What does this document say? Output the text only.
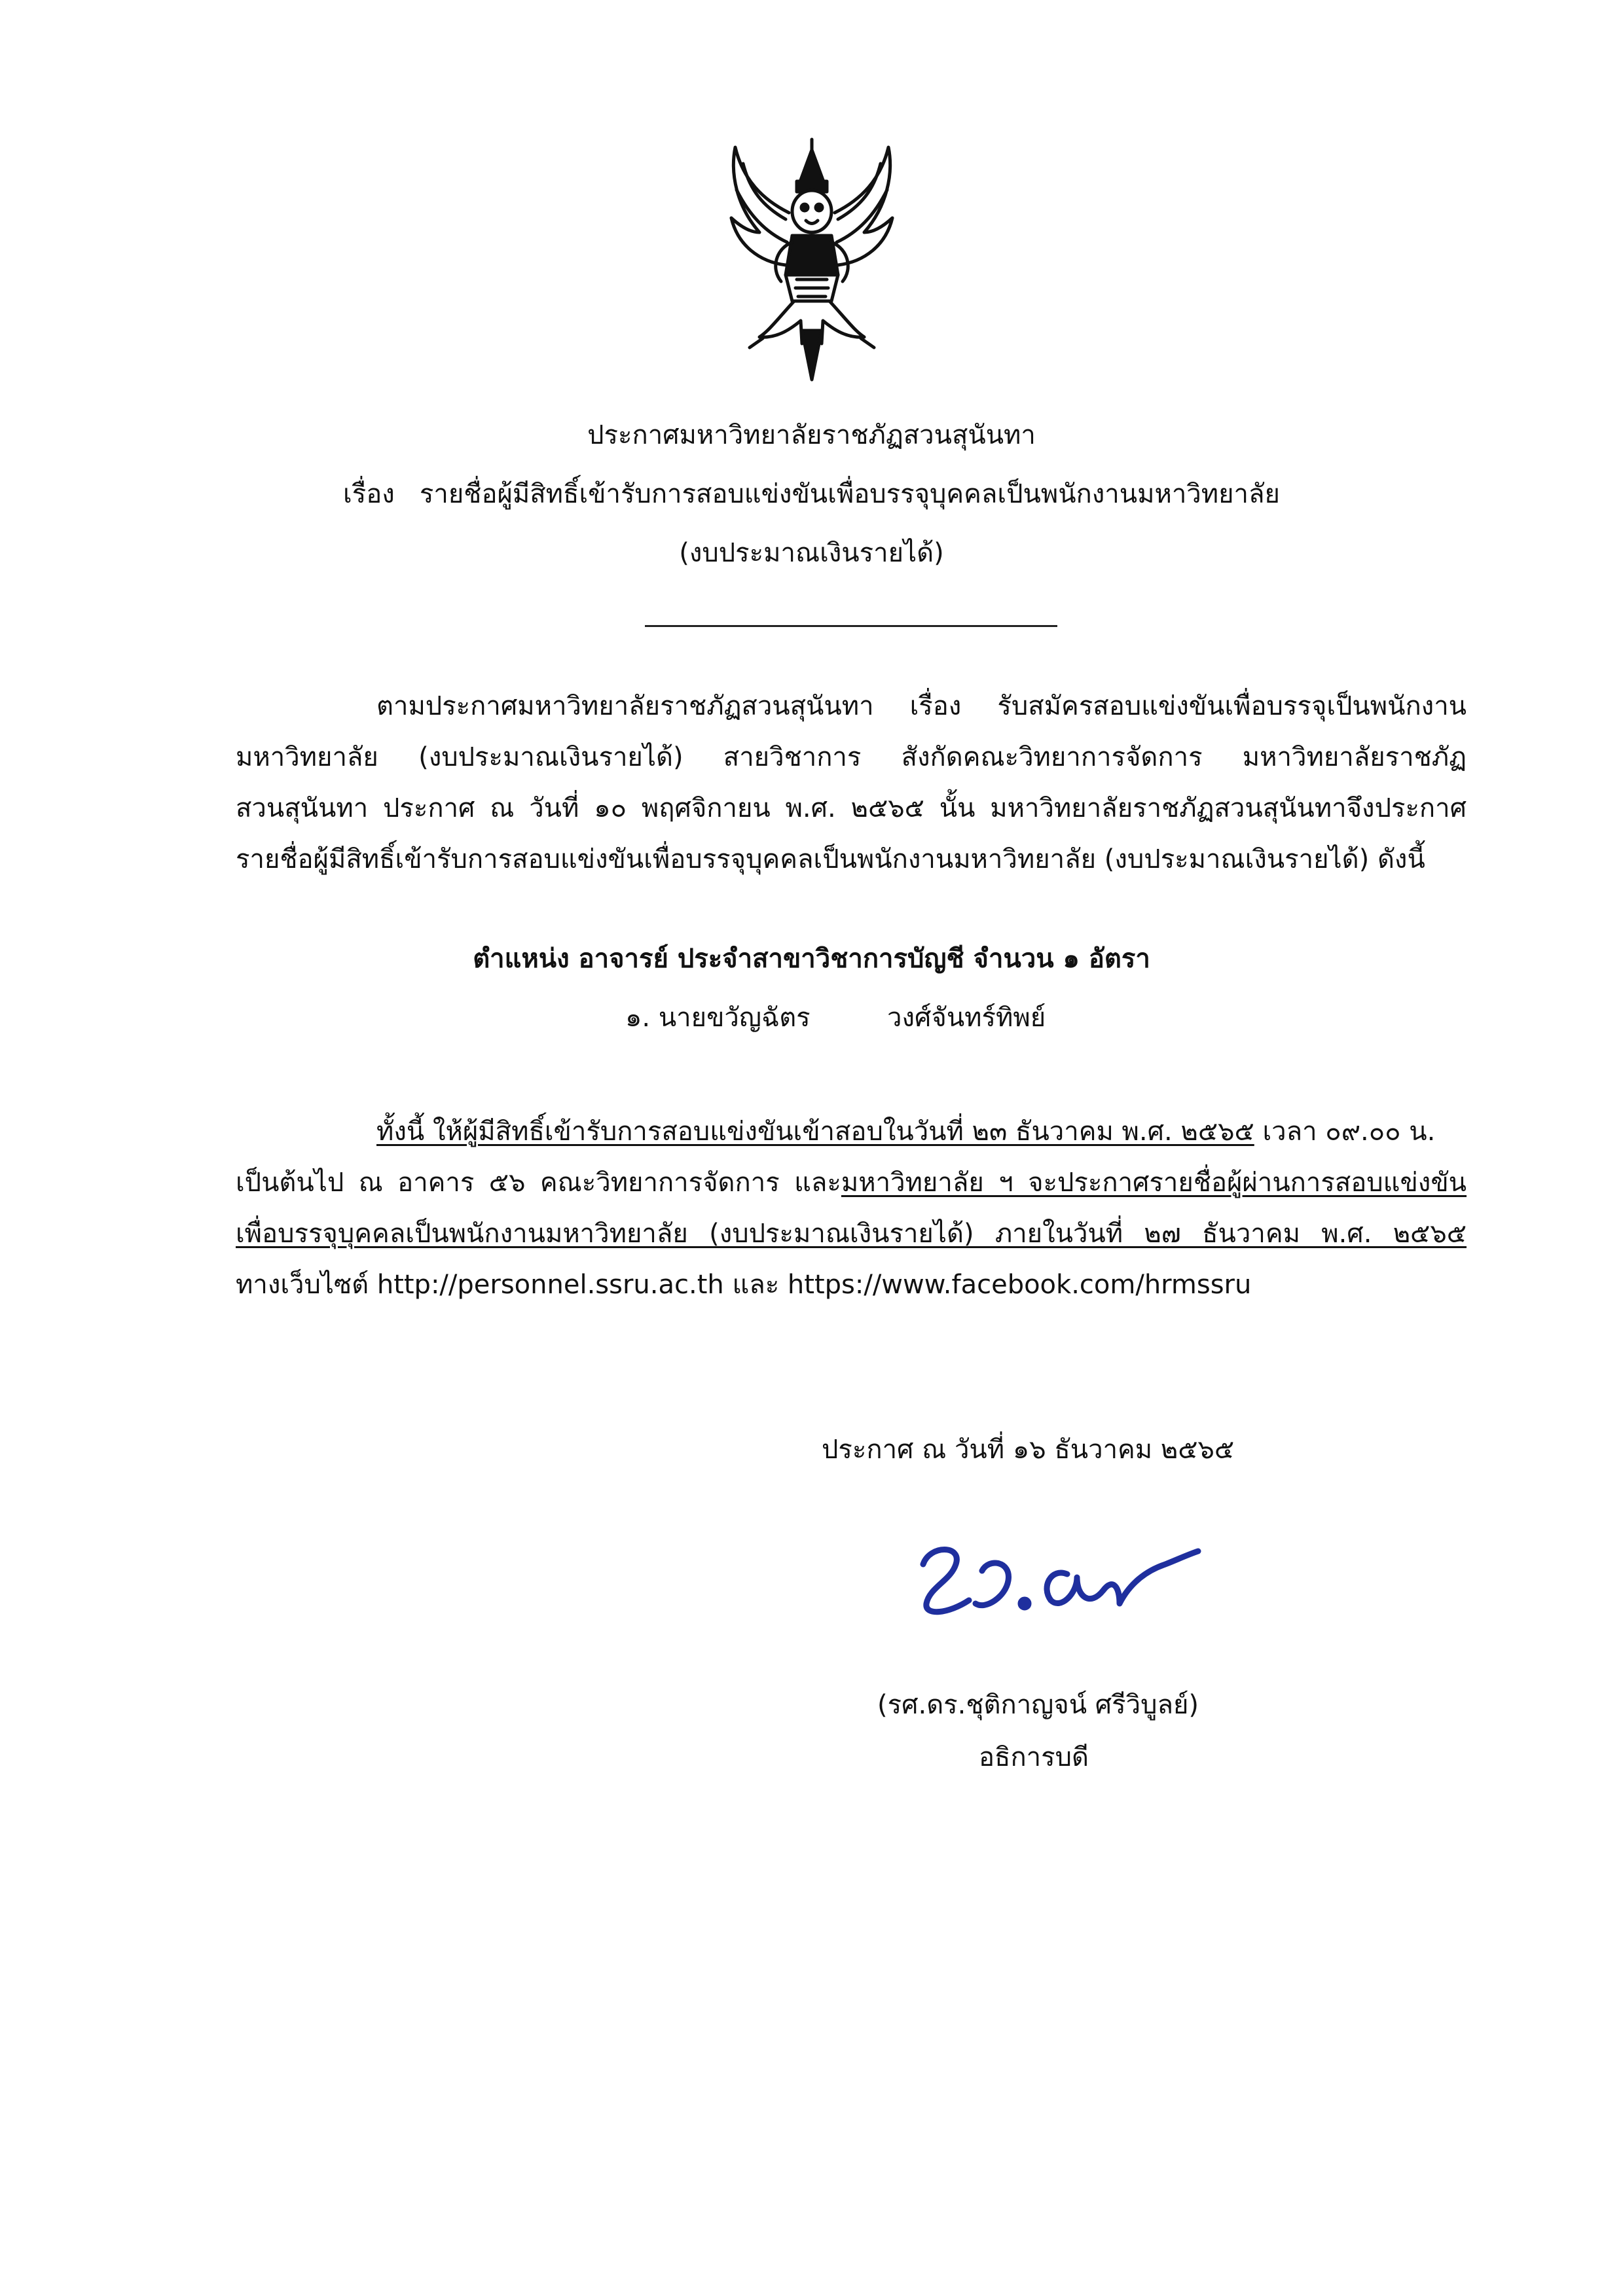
ประกาศมหาวิทยาลัยราชภัฏสวนสุนันทา
เรื่อง รายชื่อผู้มีสิทธิ์เข้ารับการสอบแข่งขันเพื่อบรรจุบุคคลเป็นพนักงานมหาวิทยาลัย
(งบประมาณเงินรายได้)
ตามประกาศมหาวิทยาลัยราชภัฏสวนสุนันทา เรื่อง รับสมัครสอบแข่งขันเพื่อบรรจุเป็นพนักงาน
มหาวิทยาลัย (งบประมาณเงินรายได้) สายวิชาการ สังกัดคณะวิทยาการจัดการ มหาวิทยาลัยราชภัฏ
สวนสุนันทา ประกาศ ณ วันที่ ๑๐ พฤศจิกายน พ.ศ. ๒๕๖๕ นั้น มหาวิทยาลัยราชภัฏสวนสุนันทาจึงประกาศ
รายชื่อผู้มีสิทธิ์เข้ารับการสอบแข่งขันเพื่อบรรจุบุคคลเป็นพนักงานมหาวิทยาลัย (งบประมาณเงินรายได้) ดังนี้
ตำแหน่ง อาจารย์ ประจำสาขาวิชาการบัญชี จำนวน ๑ อัตรา
๑. นายขวัญฉัตร	วงศ์จันทร์ทิพย์
ทั้งนี้ ให้ผู้มีสิทธิ์เข้ารับการสอบแข่งขันเข้าสอบในวันที่ ๒๓ ธันวาคม พ.ศ. ๒๕๖๕ เวลา ๐๙.๐๐ น.
เป็นต้นไป ณ อาคาร ๕๖ คณะวิทยาการจัดการ และมหาวิทยาลัย ฯ จะประกาศรายชื่อผู้ผ่านการสอบแข่งขัน
เพื่อบรรจุบุคคลเป็นพนักงานมหาวิทยาลัย (งบประมาณเงินรายได้) ภายในวันที่ ๒๗ ธันวาคม พ.ศ. ๒๕๖๕
ทางเว็บไซต์ http://personnel.ssru.ac.th และ https://www.facebook.com/hrmssru
ประกาศ ณ วันที่ ๑๖ ธันวาคม ๒๕๖๕
(รศ.ดร.ชุติกาญจน์ ศรีวิบูลย์)
อธิการบดี
